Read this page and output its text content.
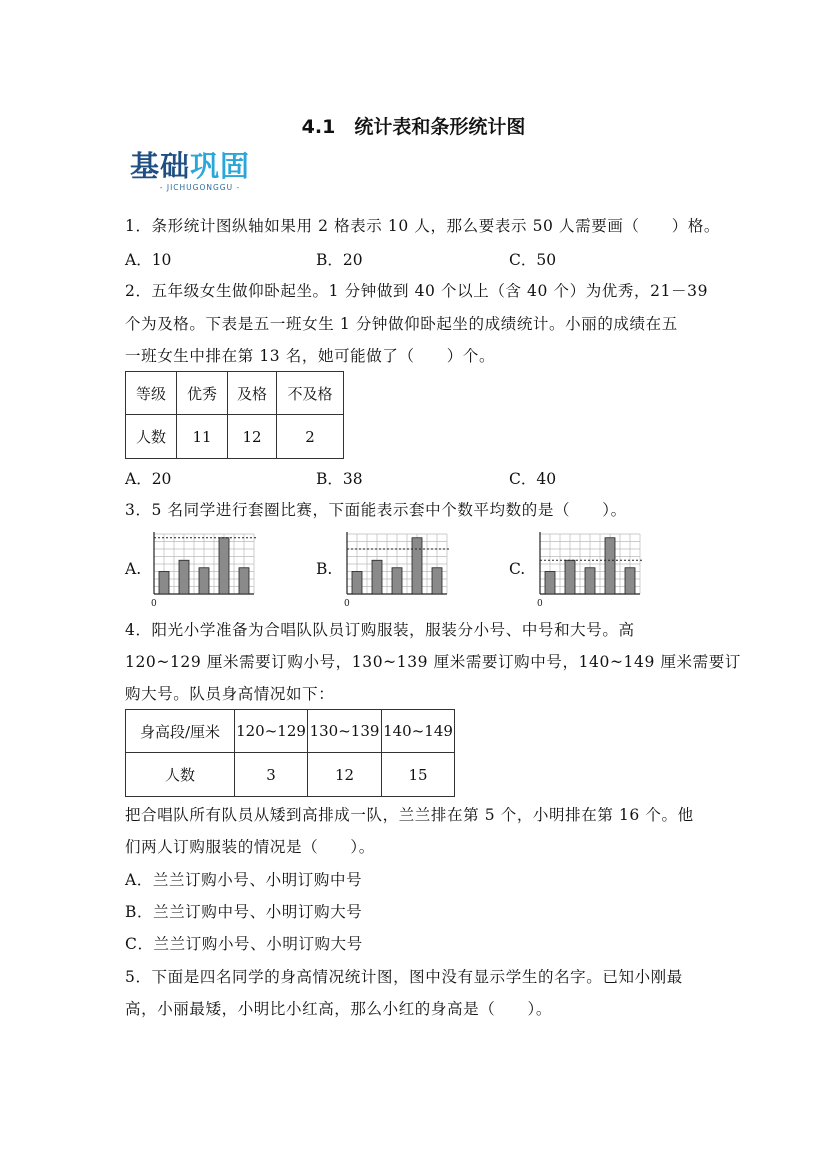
4.1　统计表和条形统计图
基础巩固
- JICHUGONGGU -
1．条形统计图纵轴如果用 2 格表示 10 人，那么要表示 50 人需要画（　　）格。
A．10	B．20	C．50
2．五年级女生做仰卧起坐。1 分钟做到 40 个以上（含 40 个）为优秀，21－39
个为及格。下表是五一班女生 1 分钟做仰卧起坐的成绩统计。小丽的成绩在五
一班女生中排在第 13 名，她可能做了（　　）个。
等级	优秀	及格	不及格
人数	11	12	2
A．20	B．38	C．40
3．5 名同学进行套圈比赛，下面能表示套中个数平均数的是（　　）。
A.	B.	C.
0	0	0
4．阳光小学准备为合唱队队员订购服装，服装分小号、中号和大号。高
120~129 厘米需要订购小号，130~139 厘米需要订购中号，140~149 厘米需要订
购大号。队员身高情况如下：
身高段/厘米	120~129	130~139	140~149
人数	3	12	15
把合唱队所有队员从矮到高排成一队，兰兰排在第 5 个，小明排在第 16 个。他
们两人订购服装的情况是（　　）。
A．兰兰订购小号、小明订购中号
B．兰兰订购中号、小明订购大号
C．兰兰订购小号、小明订购大号
5．下面是四名同学的身高情况统计图，图中没有显示学生的名字。已知小刚最
高，小丽最矮，小明比小红高，那么小红的身高是（　　）。
